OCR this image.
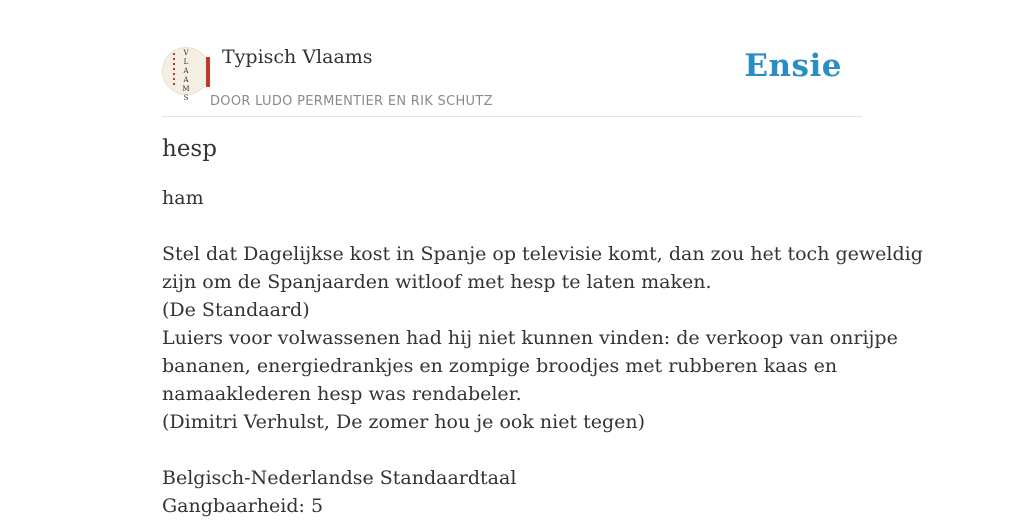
V
L
A
A
M
S
Typisch Vlaams
DOOR LUDO PERMENTIER EN RIK SCHUTZ
Ensie
hesp

ham

Stel dat Dagelijkse kost in Spanje op televisie komt, dan zou het toch geweldig

zijn om de Spanjaarden witloof met hesp te laten maken.

(De Standaard)

Luiers voor volwassenen had hij niet kunnen vinden: de verkoop van onrijpe

bananen, energiedrankjes en zompige broodjes met rubberen kaas en

namaaklederen hesp was rendabeler.

(Dimitri Verhulst, De zomer hou je ook niet tegen)

Belgisch-Nederlandse Standaardtaal

Gangbaarheid: 5
